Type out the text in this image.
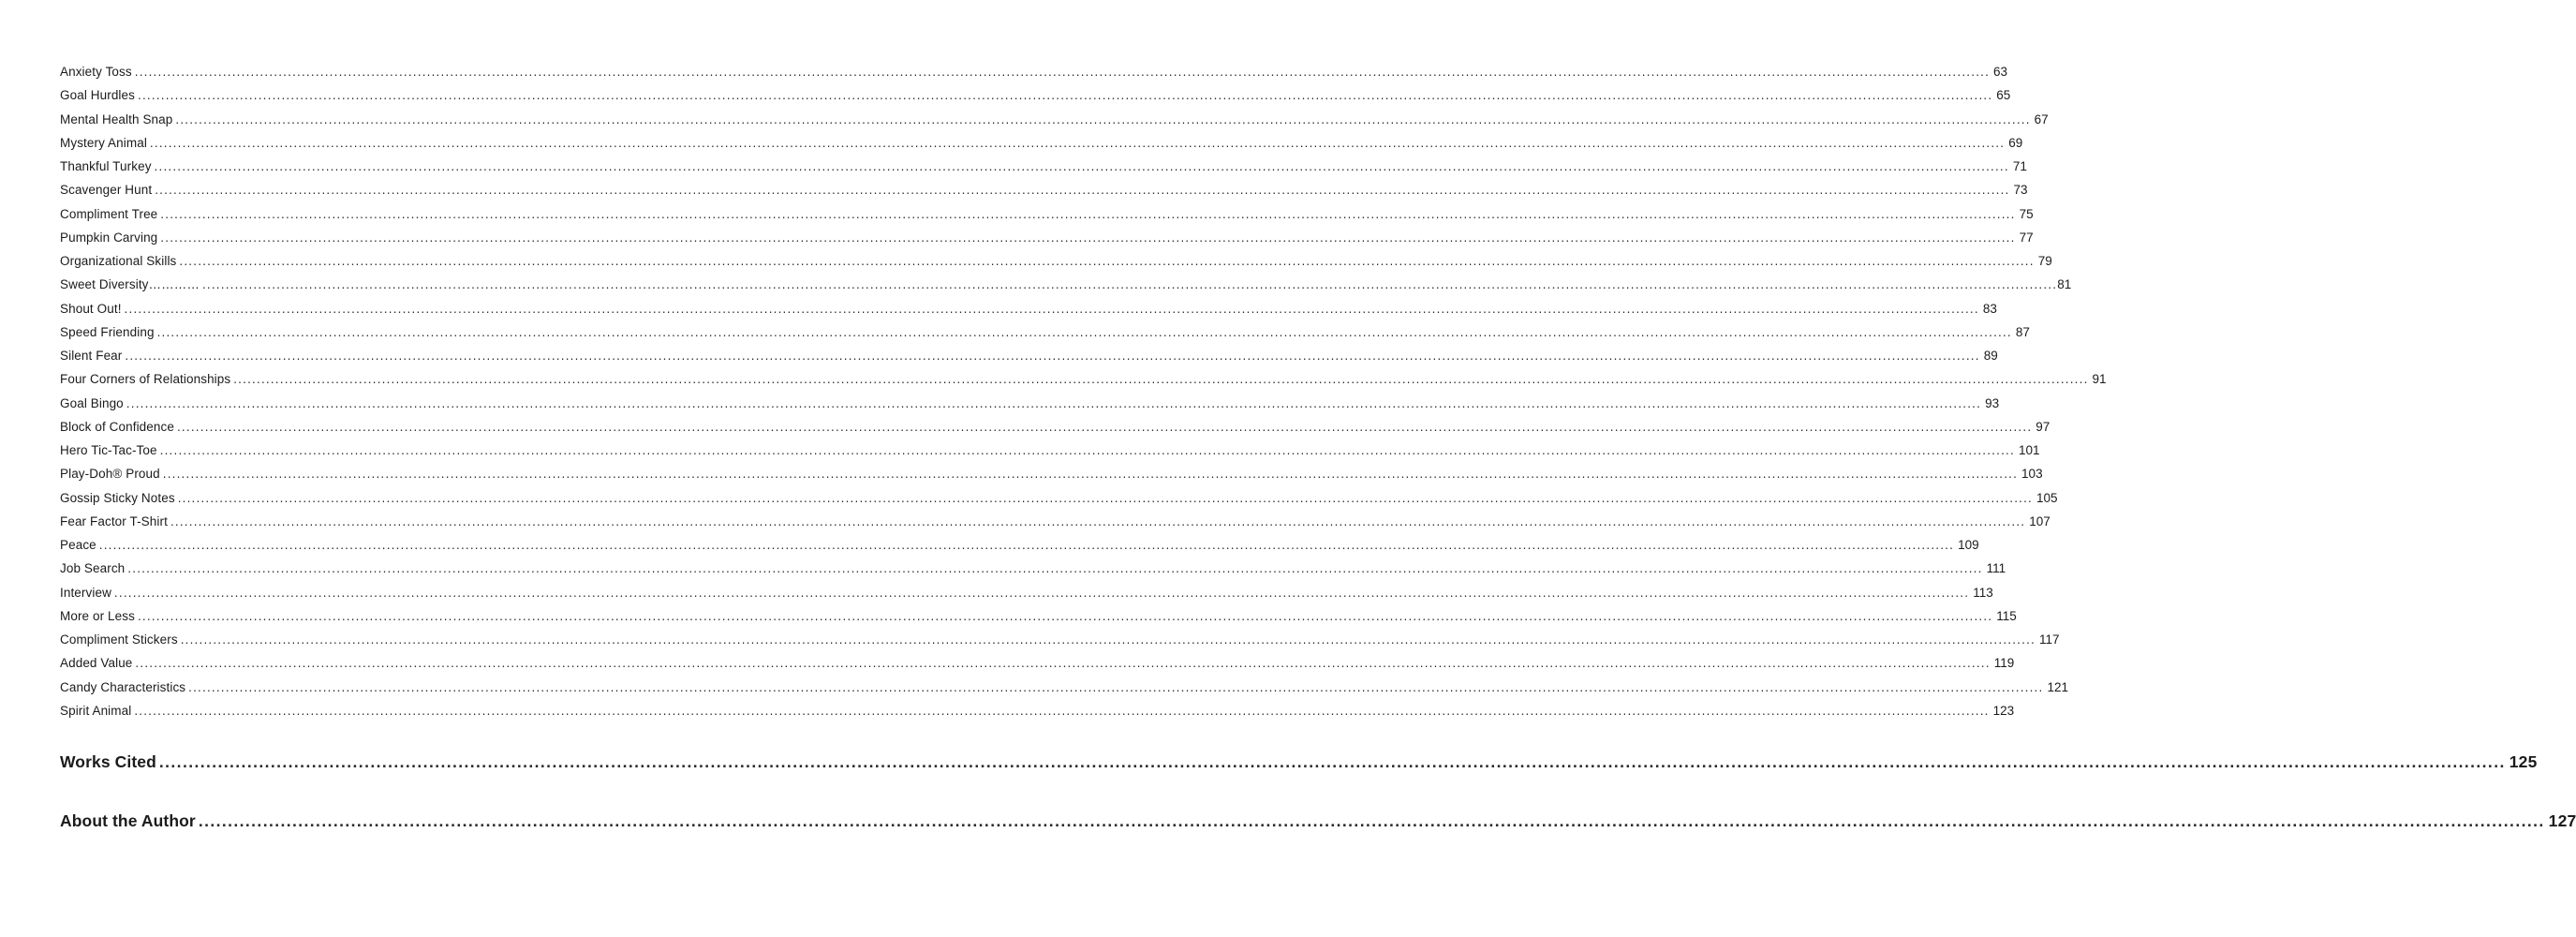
Anxiety Toss ................................................................................................................................................................................................................................................................................................................................................................................................................ 63
Goal Hurdles ................................................................................................................................................................................................................................................................................................................................................................................................................ 65
Mental Health Snap ................................................................................................................................................................................................................................................................................................................................................................................................................ 67
Mystery Animal ................................................................................................................................................................................................................................................................................................................................................................................................................ 69
Thankful Turkey ................................................................................................................................................................................................................................................................................................................................................................................................................ 71
Scavenger Hunt ................................................................................................................................................................................................................................................................................................................................................................................................................ 73
Compliment Tree ................................................................................................................................................................................................................................................................................................................................................................................................................ 75
Pumpkin Carving ................................................................................................................................................................................................................................................................................................................................................................................................................ 77
Organizational Skills ................................................................................................................................................................................................................................................................................................................................................................................................................ 79
Sweet Diversity………… ................................................................................................................................................................................................................................................................................................................................................................................................................ 81
Shout Out! ................................................................................................................................................................................................................................................................................................................................................................................................................ 83
Speed Friending ................................................................................................................................................................................................................................................................................................................................................................................................................ 87
Silent Fear ................................................................................................................................................................................................................................................................................................................................................................................................................ 89
Four Corners of Relationships ................................................................................................................................................................................................................................................................................................................................................................................................................ 91
Goal Bingo ................................................................................................................................................................................................................................................................................................................................................................................................................ 93
Block of Confidence ................................................................................................................................................................................................................................................................................................................................................................................................................ 97
Hero Tic-Tac-Toe ................................................................................................................................................................................................................................................................................................................................................................................................................ 101
Play-Doh® Proud ................................................................................................................................................................................................................................................................................................................................................................................................................ 103
Gossip Sticky Notes ................................................................................................................................................................................................................................................................................................................................................................................................................ 105
Fear Factor T-Shirt ................................................................................................................................................................................................................................................................................................................................................................................................................ 107
Peace ................................................................................................................................................................................................................................................................................................................................................................................................................ 109
Job Search ................................................................................................................................................................................................................................................................................................................................................................................................................ 111
Interview ................................................................................................................................................................................................................................................................................................................................................................................................................ 113
More or Less ................................................................................................................................................................................................................................................................................................................................................................................................................ 115
Compliment Stickers ................................................................................................................................................................................................................................................................................................................................................................................................................ 117
Added Value ................................................................................................................................................................................................................................................................................................................................................................................................................ 119
Candy Characteristics ................................................................................................................................................................................................................................................................................................................................................................................................................ 121
Spirit Animal ................................................................................................................................................................................................................................................................................................................................................................................................................ 123
Works Cited ................................................................................................................................................................................................................................................................................................................................................................................................................ 125
About the Author ................................................................................................................................................................................................................................................................................................................................................................................................................ 127
